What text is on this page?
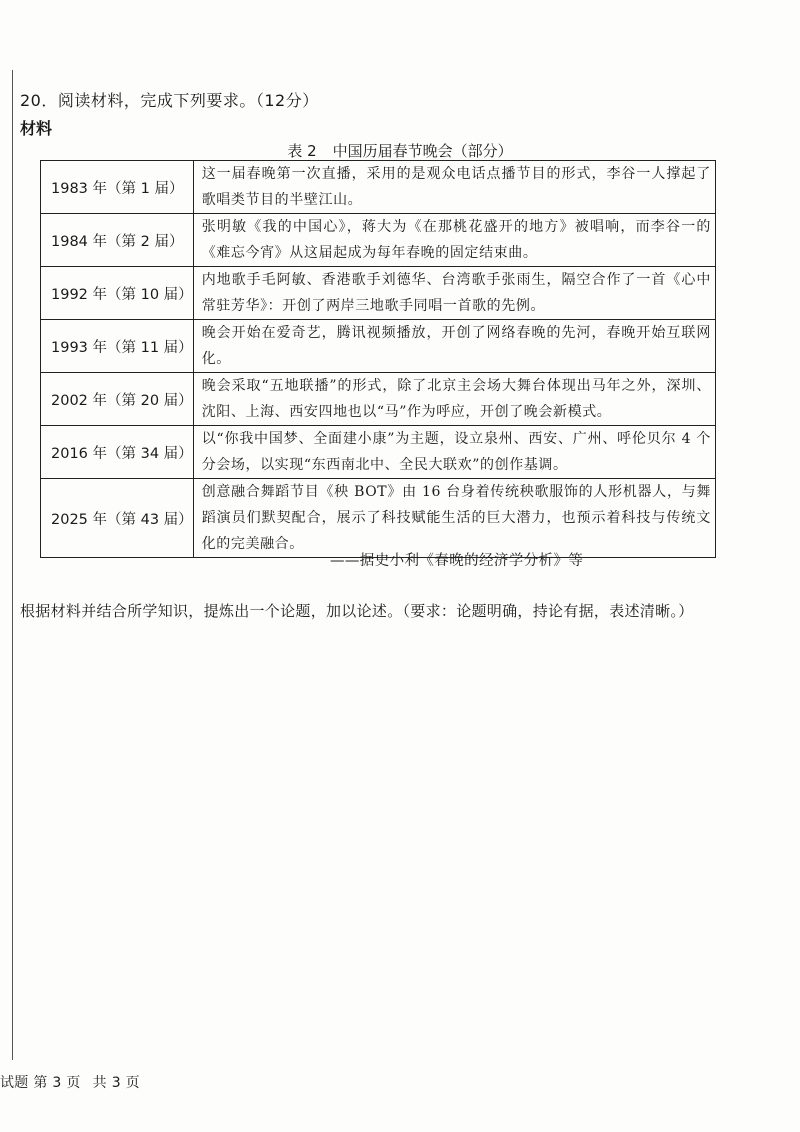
20．阅读材料，完成下列要求。（12分）
材料
表 2 中国历届春节晚会（部分）
1983 年（第 1 届）	这一届春晚第一次直播，采用的是观众电话点播节目的形式，李谷一人撑起了歌唱类节目的半壁江山。
1984 年（第 2 届）	张明敏《我的中国心》，蒋大为《在那桃花盛开的地方》被唱响，而李谷一的《难忘今宵》从这届起成为每年春晚的固定结束曲。
1992 年（第 10 届）	内地歌手毛阿敏、香港歌手刘德华、台湾歌手张雨生，隔空合作了一首《心中常驻芳华》：开创了两岸三地歌手同唱一首歌的先例。
1993 年（第 11 届）	晚会开始在爱奇艺，腾讯视频播放，开创了网络春晚的先河，春晚开始互联网化。
2002 年（第 20 届）	晚会采取“五地联播”的形式，除了北京主会场大舞台体现出马年之外，深圳、沈阳、上海、西安四地也以“马”作为呼应，开创了晚会新模式。
2016 年（第 34 届）	以“你我中国梦、全面建小康”为主题，设立泉州、西安、广州、呼伦贝尔 4 个分会场，以实现“东西南北中、全民大联欢”的创作基调。
2025 年（第 43 届）	创意融合舞蹈节目《秧 BOT》由 16 台身着传统秧歌服饰的人形机器人，与舞蹈演员们默契配合，展示了科技赋能生活的巨大潜力，也预示着科技与传统文化的完美融合。
——据史小利《春晚的经济学分析》等
根据材料并结合所学知识，提炼出一个论题，加以论述。（要求：论题明确，持论有据，表述清晰。）
试题 第 3 页 共 3 页
